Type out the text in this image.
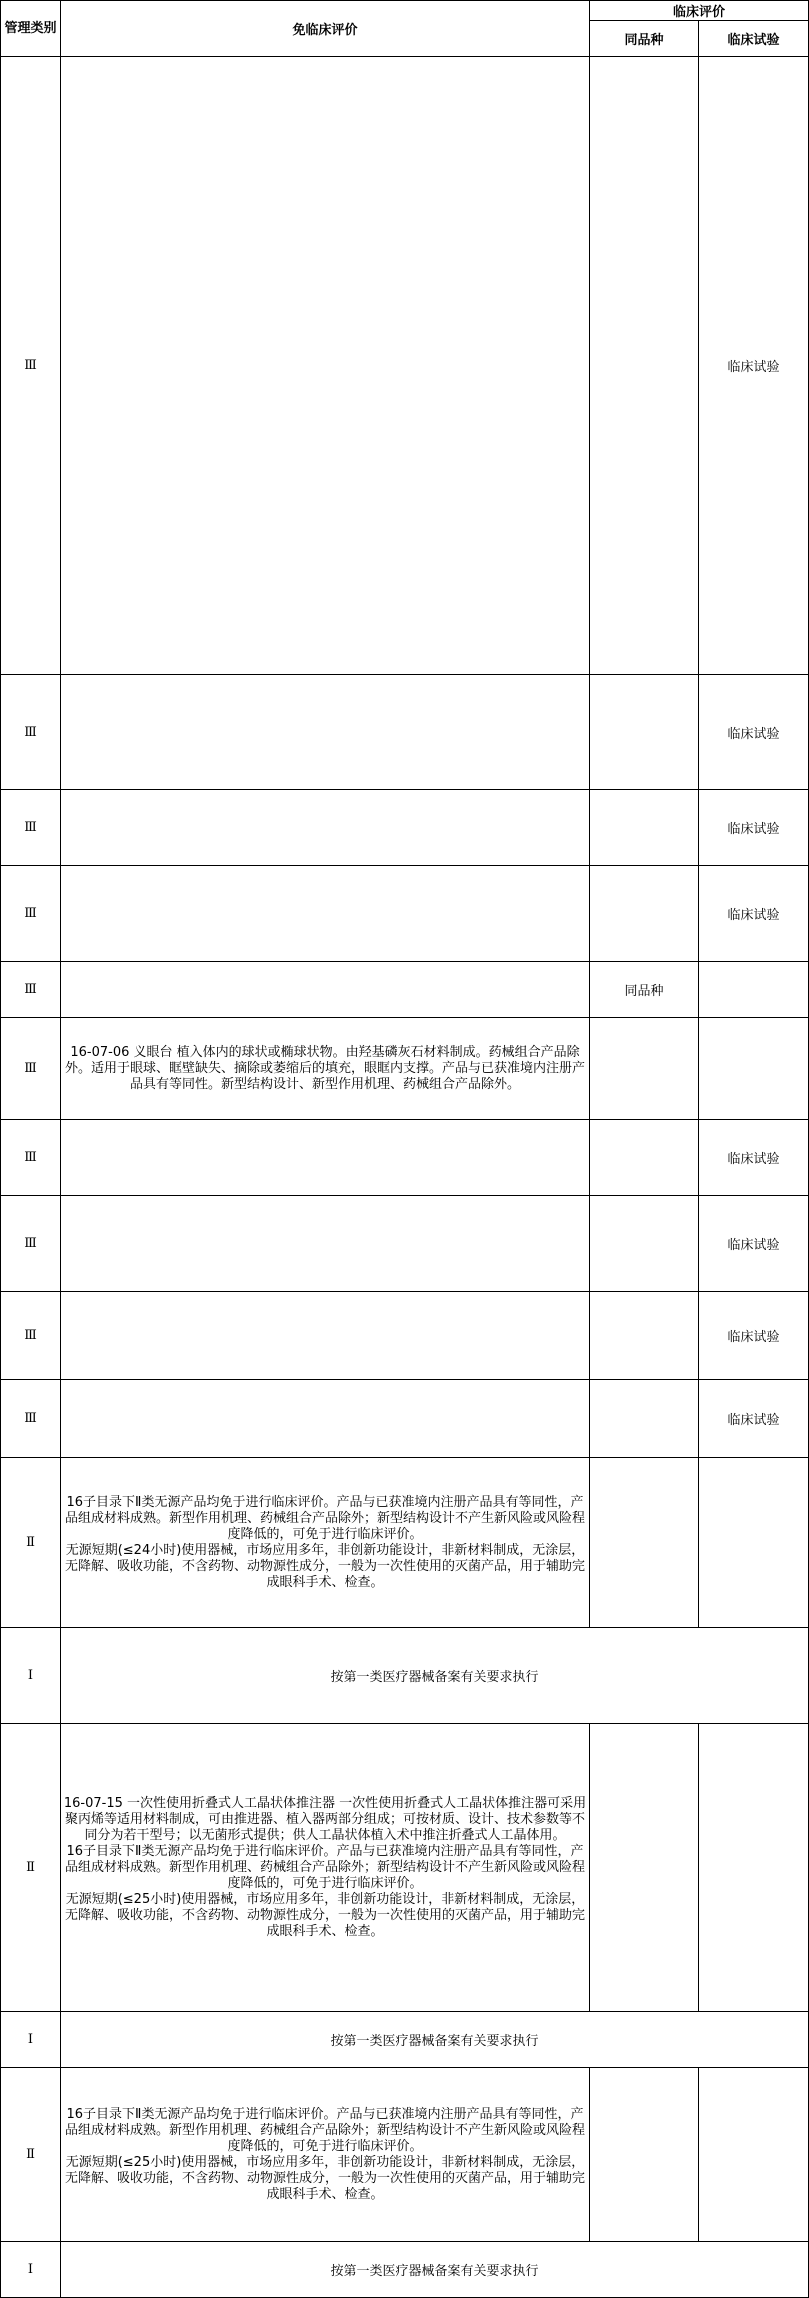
管理类别	免临床评价	临床评价	
		同品种	临床试验
Ⅲ			临床试验
Ⅲ			临床试验
Ⅲ			临床试验
Ⅲ			临床试验
Ⅲ		同品种	
Ⅲ	16-07-06 义眼台 植入体内的球状或椭球状物。由羟基磷灰石材料制成。药械组合产品除外。适用于眼球、眶壁缺失、摘除或萎缩后的填充，眼眶内支撑。产品与已获准境内注册产品具有等同性。新型结构设计、新型作用机理、药械组合产品除外。		
Ⅲ			临床试验
Ⅲ			临床试验
Ⅲ			临床试验
Ⅲ			临床试验
Ⅱ	16子目录下Ⅱ类无源产品均免于进行临床评价。产品与已获准境内注册产品具有等同性，产品组成材料成熟。新型作用机理、药械组合产品除外；新型结构设计不产生新风险或风险程度降低的，可免于进行临床评价。
无源短期(≤24小时)使用器械，市场应用多年，非创新功能设计，非新材料制成，无涂层，无降解、吸收功能，不含药物、动物源性成分，一般为一次性使用的灭菌产品，用于辅助完成眼科手术、检查。		
Ⅰ	按第一类医疗器械备案有关要求执行		
Ⅱ	16-07-15 一次性使用折叠式人工晶状体推注器 一次性使用折叠式人工晶状体推注器可采用聚丙烯等适用材料制成，可由推进器、植入器两部分组成；可按材质、设计、技术参数等不同分为若干型号；以无菌形式提供；供人工晶状体植入术中推注折叠式人工晶体用。
16子目录下Ⅱ类无源产品均免于进行临床评价。产品与已获准境内注册产品具有等同性，产品组成材料成熟。新型作用机理、药械组合产品除外；新型结构设计不产生新风险或风险程度降低的，可免于进行临床评价。
无源短期(≤25小时)使用器械，市场应用多年，非创新功能设计，非新材料制成，无涂层，无降解、吸收功能，不含药物、动物源性成分，一般为一次性使用的灭菌产品，用于辅助完成眼科手术、检查。		
Ⅰ	按第一类医疗器械备案有关要求执行		
Ⅱ	16子目录下Ⅱ类无源产品均免于进行临床评价。产品与已获准境内注册产品具有等同性，产品组成材料成熟。新型作用机理、药械组合产品除外；新型结构设计不产生新风险或风险程度降低的，可免于进行临床评价。
无源短期(≤25小时)使用器械，市场应用多年，非创新功能设计，非新材料制成，无涂层，无降解、吸收功能，不含药物、动物源性成分，一般为一次性使用的灭菌产品，用于辅助完成眼科手术、检查。		
Ⅰ	按第一类医疗器械备案有关要求执行		
